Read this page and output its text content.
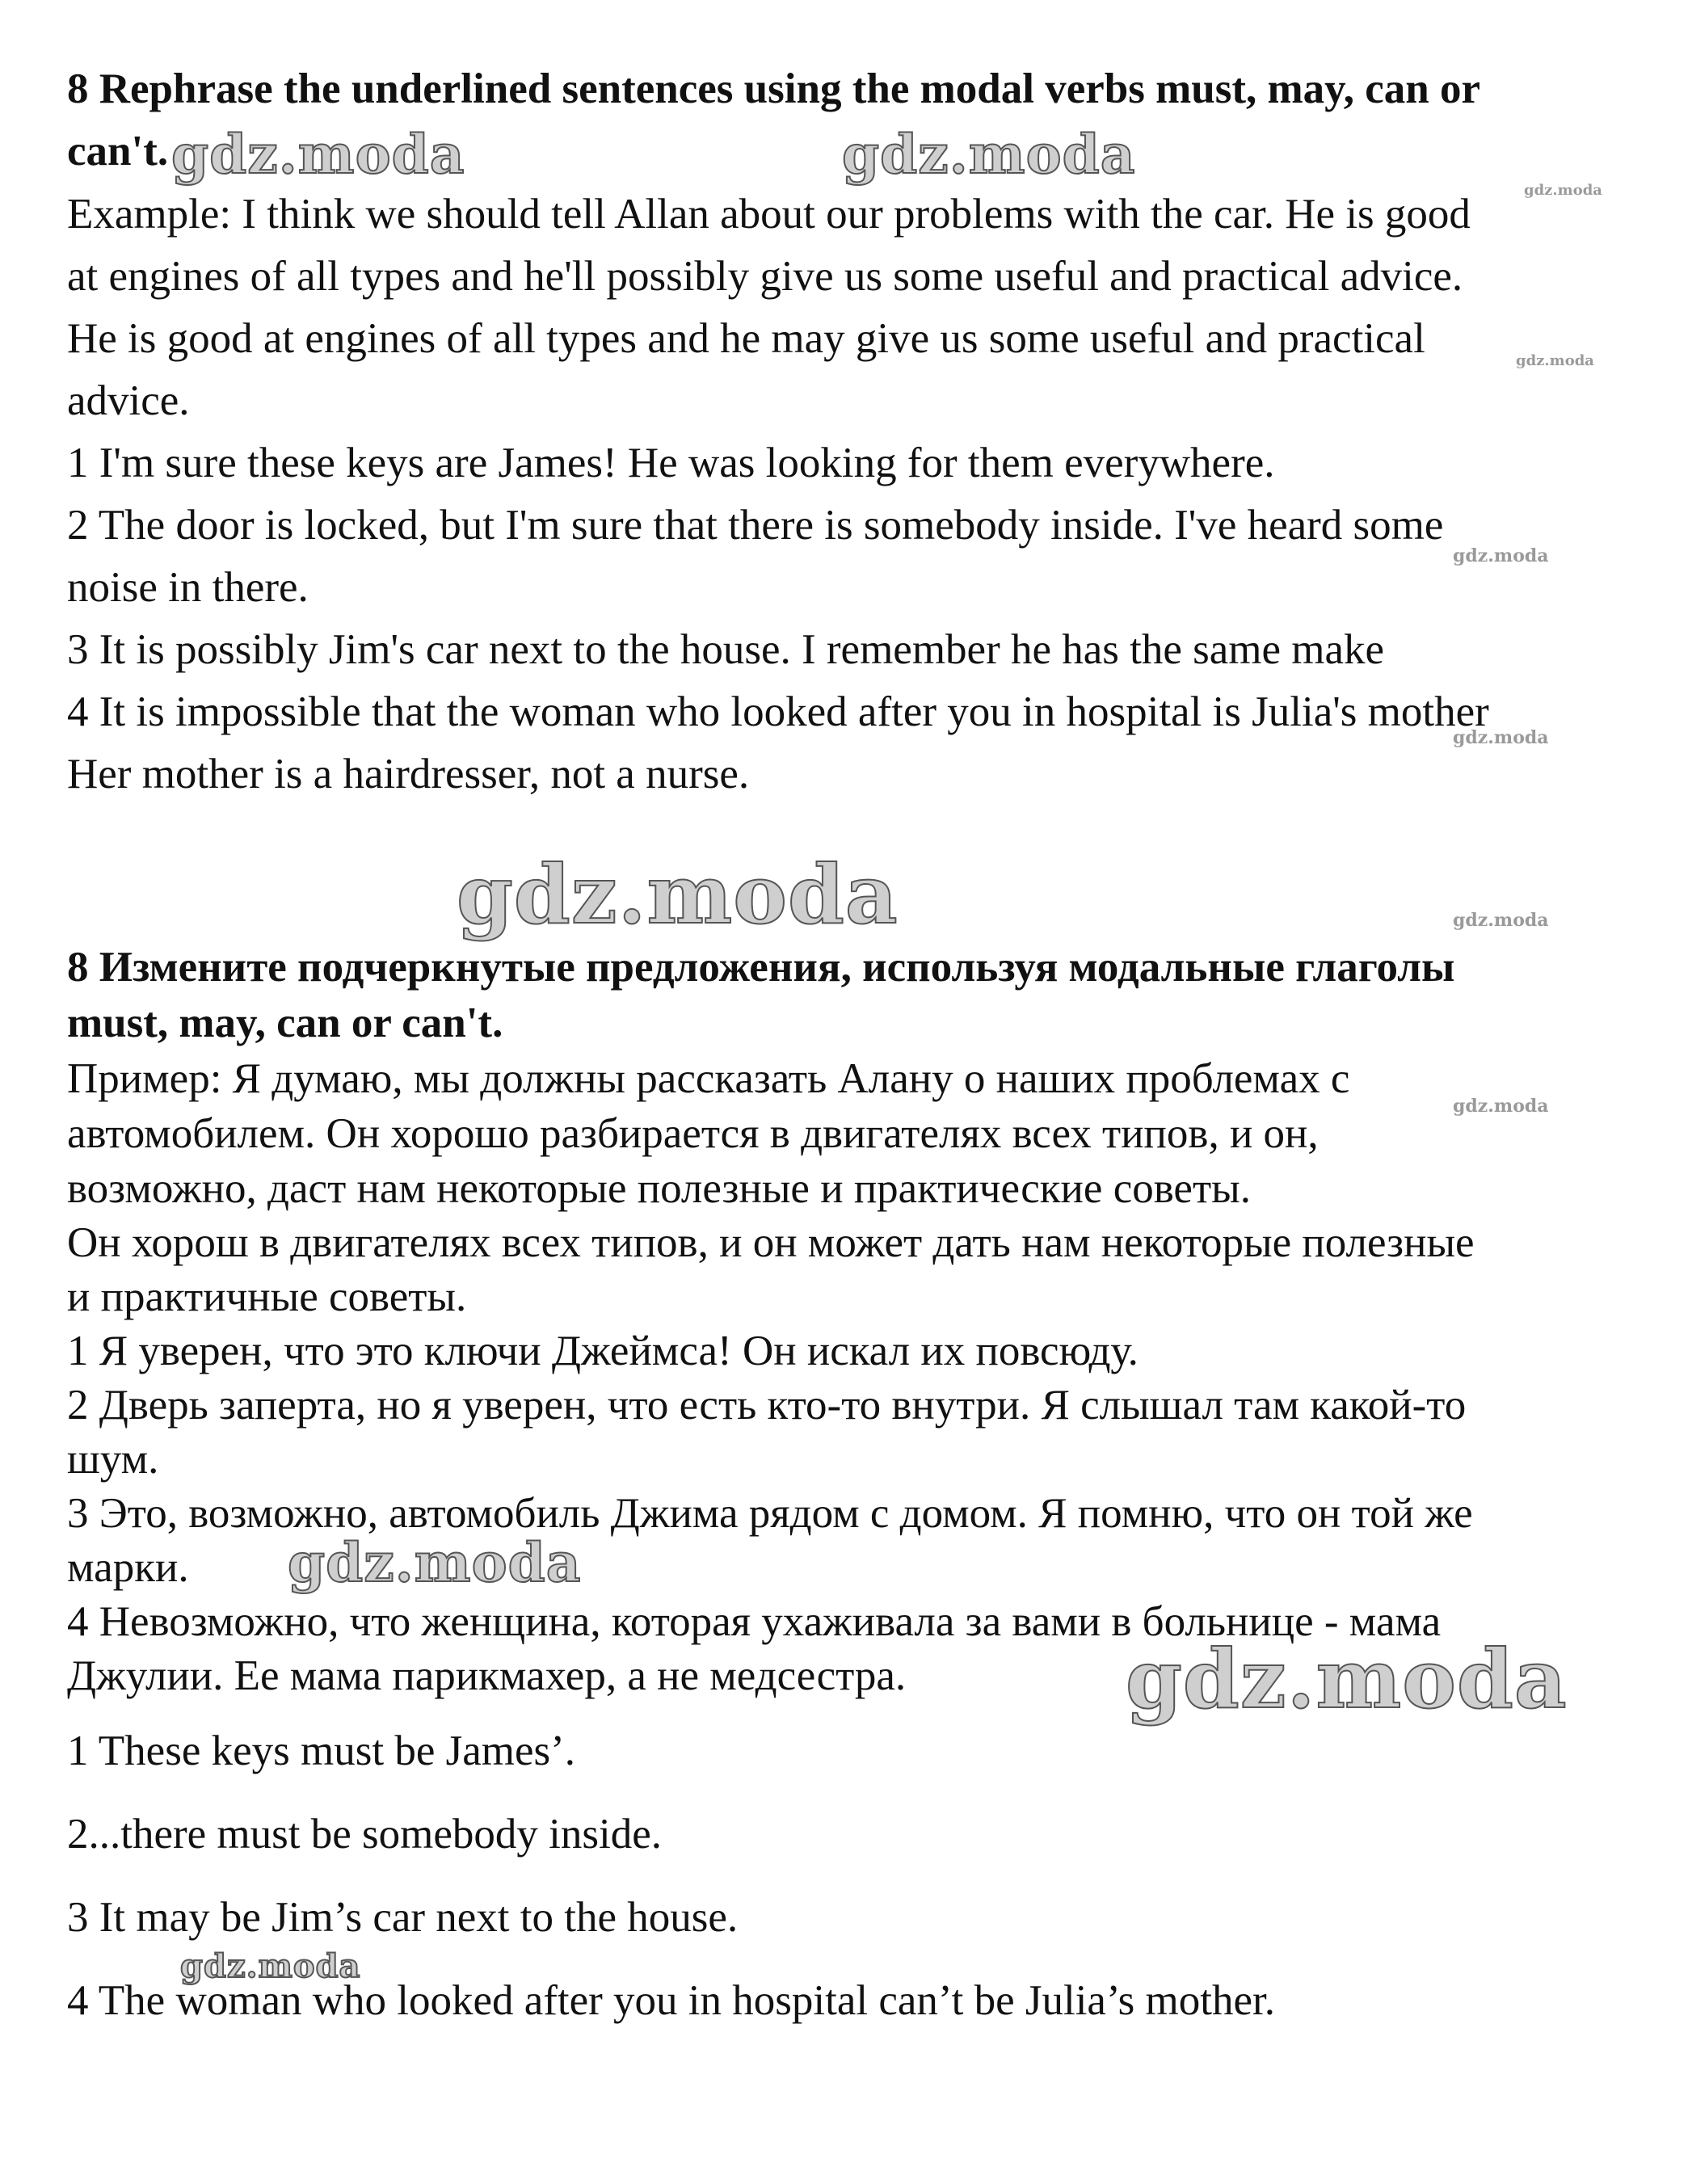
8 Rephrase the underlined sentences using the modal verbs must, may, can or
can't.
Example: I think we should tell Allan about our problems with the car. He is good
at engines of all types and he'll possibly give us some useful and practical advice.
He is good at engines of all types and he may give us some useful and practical
advice.
1 I'm sure these keys are James! He was looking for them everywhere.
2 The door is locked, but I'm sure that there is somebody inside. I've heard some
noise in there.
3 It is possibly Jim's car next to the house. I remember he has the same make
4 It is impossible that the woman who looked after you in hospital is Julia's mother
Her mother is a hairdresser, not a nurse.
8 Измените подчеркнутые предложения, используя модальные глаголы
must, may, can or can't.
Пример: Я думаю, мы должны рассказать Алану о наших проблемах с
автомобилем. Он хорошо разбирается в двигателях всех типов, и он,
возможно, даст нам некоторые полезные и практические советы.
Он хорош в двигателях всех типов, и он может дать нам некоторые полезные
и практичные советы.
1 Я уверен, что это ключи Джеймса! Он искал их повсюду.
2 Дверь заперта, но я уверен, что есть кто-то внутри. Я слышал там какой-то
шум.
3 Это, возможно, автомобиль Джима рядом с домом. Я помню, что он той же
марки.
4 Невозможно, что женщина, которая ухаживала за вами в больнице - мама
Джулии. Ее мама парикмахер, а не медсестра.
1 These keys must be James’.
2...there must be somebody inside.
3 It may be Jim’s car next to the house.
4 The woman who looked after you in hospital can’t be Julia’s mother.
gdz.moda	gdz.moda
gdz.moda
gdz.moda
gdz.moda
gdz.moda
gdz.moda
gdz.moda
gdz.moda
gdz.moda
gdz.moda
gdz.moda
